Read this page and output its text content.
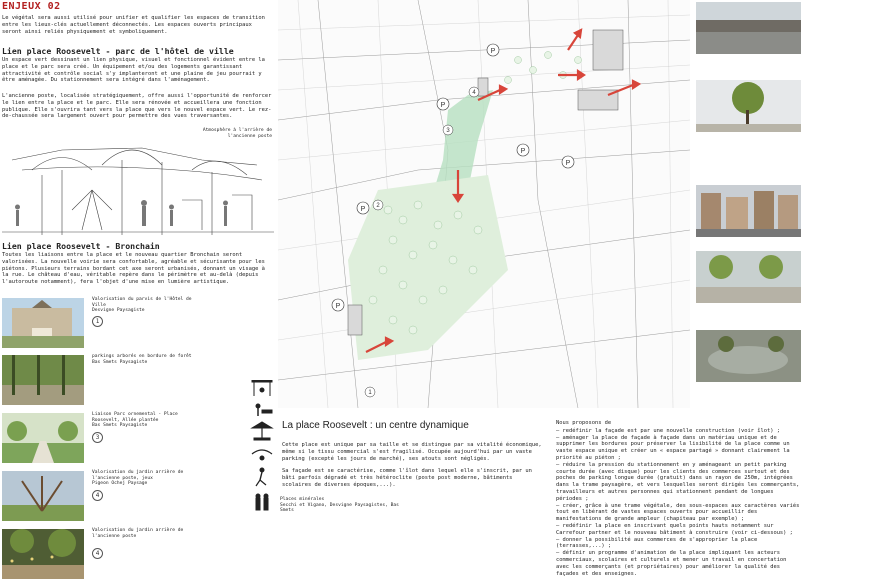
ENJEUX 02
Le végétal sera aussi utilisé pour unifier et qualifier les espaces de transition entre les lieux-clés actuellement déconnectés. Les espaces ouverts principaux seront ainsi reliés physiquement et symboliquement.
Lien place Roosevelt - parc de l'hôtel de ville
Un espace vert dessinant un lien physique, visuel et fonctionnel évident entre la place et le parc sera créé. Un équipement et/ou des logements garantissant attractivité et contrôle social s'y implanteront et une plaine de jeu pourrait y être aménagée. Du stationnement sera intégré dans l'aménagement.
L'ancienne poste, localisée stratégiquement, offre aussi l'opportunité de renforcer le lien entre la place et le parc. Elle sera rénovée et accueillera une fonction publique. Elle s'ouvrira tant vers la place que vers le nouvel espace vert. Le rez-de-chaussée sera largement ouvert pour permettre des vues traversantes.
Atmosphère à l'arrière de l'ancienne poste
Lien place Roosevelt - Bronchain
Toutes les liaisons entre la place et le nouveau quartier Bronchain seront valorisées. La nouvelle voirie sera confortable, agréable et sécurisante pour les piétons. Plusieurs terrains bordant cet axe seront urbanisés, donnant un visage à la rue. Le château d'eau, véritable repère dans le périmètre et au-delà (depuis l'autoroute notamment), fera l'objet d'une mise en lumière artistique.
Valorisation du parvis de l'Hôtel de Ville
Desvigne Paysagiste
1
parkings arborés en bordure de forêt
Bas Smets Paysagiste
Liaison Parc ornemental - Place Roosevelt, Allée plantée
Bas Smets Paysagiste
3
Valorisation du jardin arrière de l'ancienne poste, jeux
Pigeon Ochej Paysage
4
Valorisation du jardin arrière de l'ancienne poste
4
P
P
P
P
P
P
1
2
3
4
Places minérales
Secchi et Vigano, Desvigne Paysagistes, Bas Smets
La place Roosevelt : un centre dynamique
Cette place est unique par sa taille et se distingue par sa vitalité économique, même si le tissu commercial s'est fragilisé. Occupée aujourd'hui par un vaste parking (excepté les jours de marché), ses atouts sont négligés.
Sa façade est se caractérise, comme l'îlot dans lequel elle s'inscrit, par un bâti parfois dégradé et très hétéroclite (poste post moderne, bâtiments scolaires de diverses époques,...).
Nous proposons de
– redéfinir la façade est par une nouvelle construction (voir îlot) ;
– aménager la place de façade à façade dans un matériau unique et de supprimer les bordures pour préserver la lisibilité de la place comme un vaste espace unique et créer un « espace partagé » donnant clairement la priorité au piéton ;
– réduire la pression du stationnement en y aménageant un petit parking courte durée (avec disque) pour les clients des commerces surtout et des poches de parking longue durée (gratuit) dans un rayon de 250m, intégrées dans la trame paysagère, et vers lesquelles seront dirigés les commerçants, travailleurs et autres personnes qui stationnent pendant de longues périodes ;
– créer, grâce à une trame végétale, des sous-espaces aux caractères variés tout en libérant de vastes espaces ouverts pour accueillir des manifestations de grande ampleur (chapiteau par exemple) ;
– redéfinir la place en inscrivant quels points hauts notamment sur Carrefour partner et le nouveau bâtiment à construire (voir ci-dessous) ;
– donner la possibilité aux commerces de s'approprier la place (terrasses,...) ;
– définir un programme d'animation de la place impliquant les acteurs commerciaux, scolaires et culturels et mener un travail en concertation avec les commerçants (et propriétaires) pour améliorer la qualité des façades et des enseignes.
